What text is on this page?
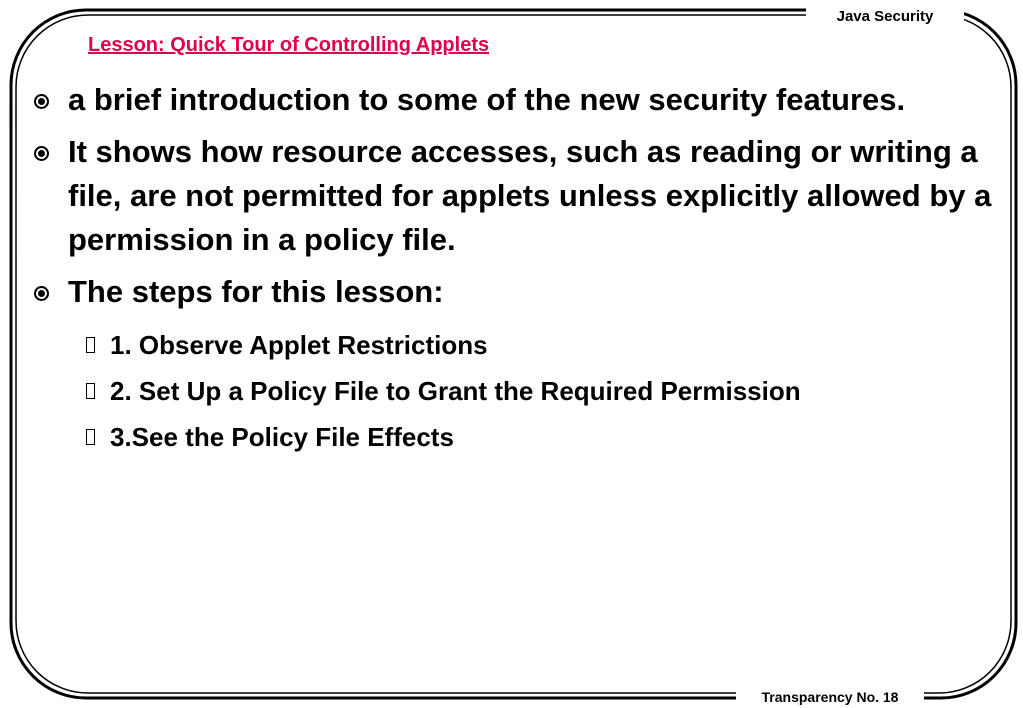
Java Security
Lesson: Quick Tour of Controlling Applets
a brief introduction to some of the new security features.
It shows how resource accesses, such as reading or writing a file, are not permitted for applets unless explicitly allowed by a permission in a policy file.
The steps for this lesson:
1. Observe Applet Restrictions
2. Set Up a Policy File to Grant the Required Permission
3.See the Policy File Effects
Transparency No. 18
